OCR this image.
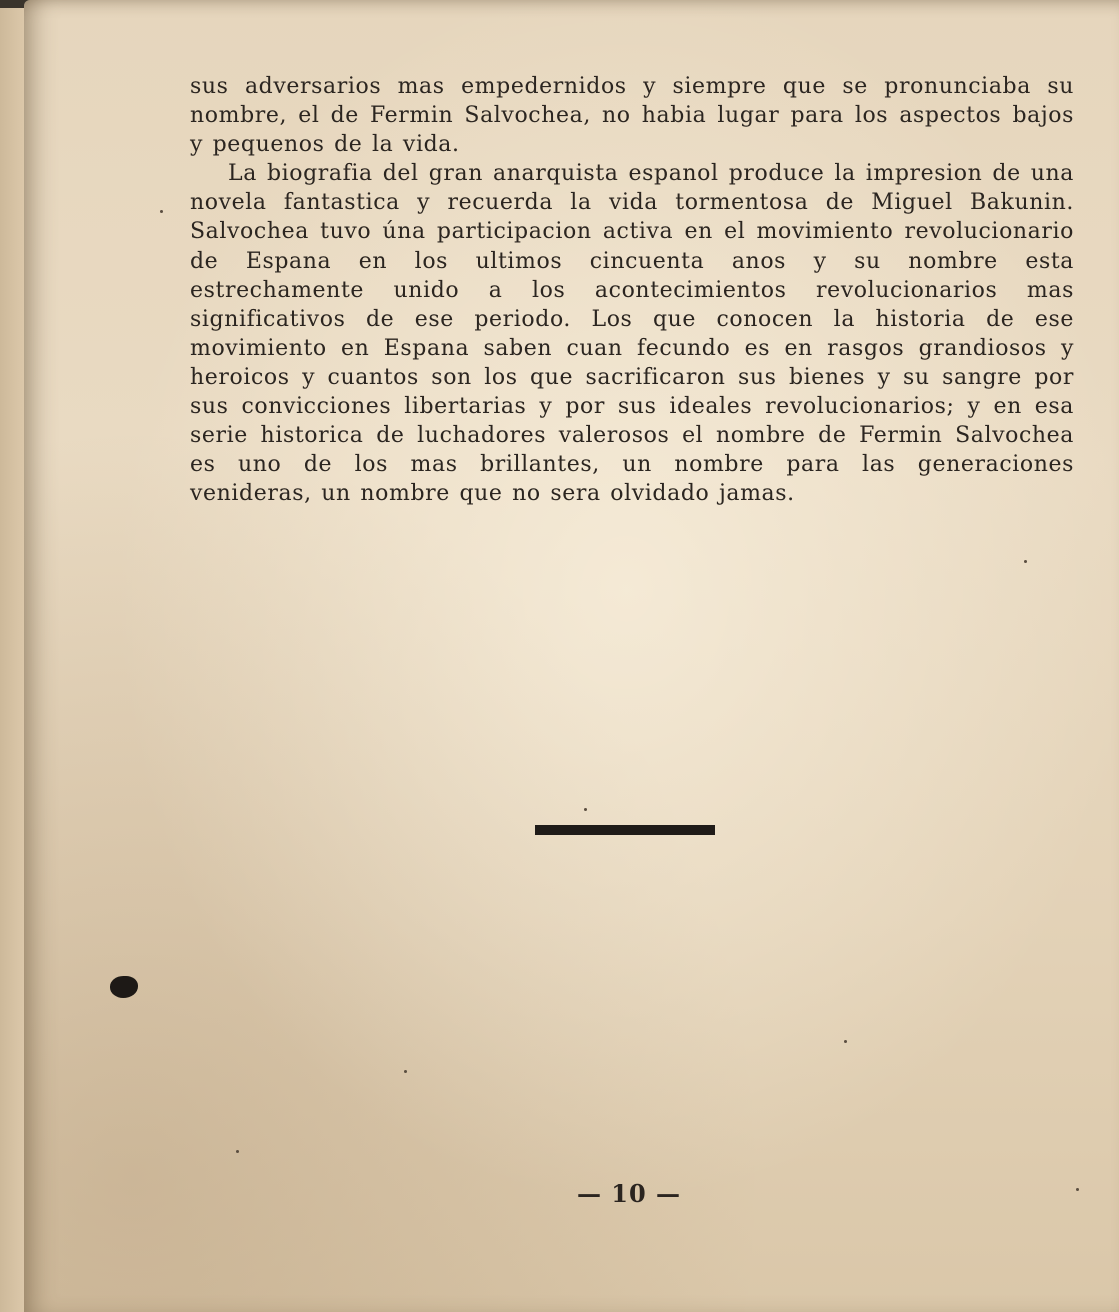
sus adversarios mas empedernidos y siempre que se pronunciaba su nombre, el de Fermin Salvochea, no habia lugar para los aspectos bajos y pequenos de la vida.

La biografia del gran anarquista espanol produce la impresion de una novela fantastica y recuerda la vida tormentosa de Miguel Bakunin. Salvochea tuvo úna participacion activa en el movimiento revolucionario de Espana en los ultimos cincuenta anos y su nombre esta estrechamente unido a los acontecimientos revolucionarios mas significativos de ese periodo. Los que conocen la historia de ese movimiento en Espana saben cuan fecundo es en rasgos grandiosos y heroicos y cuantos son los que sacrificaron sus bienes y su sangre por sus convicciones libertarias y por sus ideales revolucionarios; y en esa serie historica de luchadores valerosos el nombre de Fermin Salvochea es uno de los mas brillantes, un nombre para las generaciones venideras, un nombre que no sera olvidado jamas.

— 10 —
